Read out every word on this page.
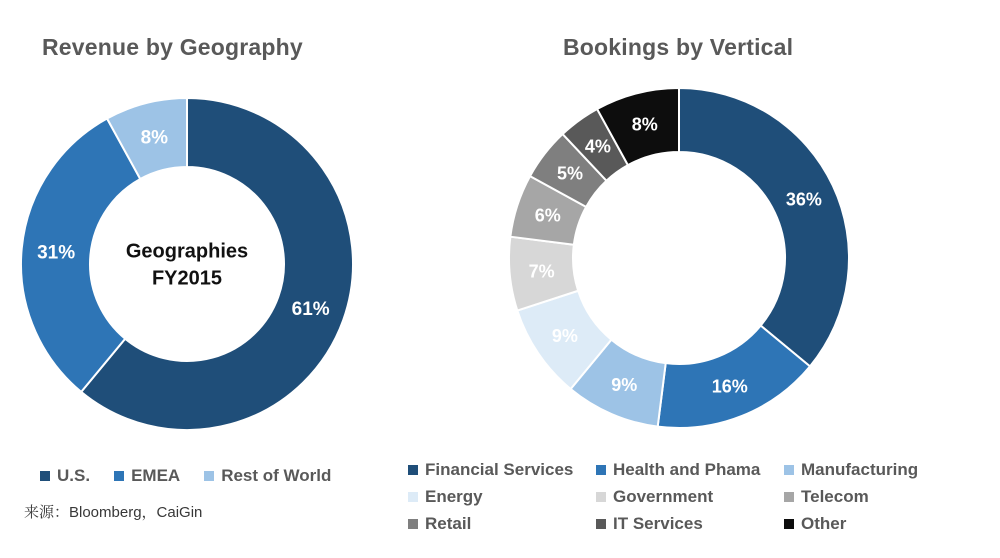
61%
31%
8%
Geographies FY2015
36%
16%
9%
9%
7%
6%
5%
4%
8%
Revenue by Geography	Bookings by Vertical
U.S. EMEA Rest of World	Financial Services Health and Phama Manufacturing
Energy	Government	Telecom
Retail	IT Services	Other
来源：Bloomberg，CaiGin
